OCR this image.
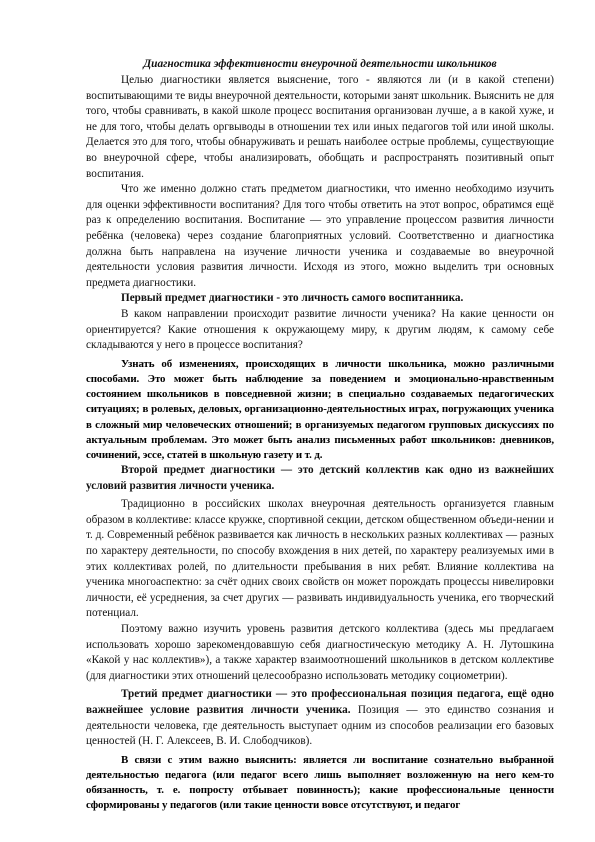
Диагностика эффективности внеурочной деятельности школьников

Целью диагностики является выяснение, того - являются ли (и в какой степени) воспитывающими те виды внеурочной деятельности, которыми занят школьник. Выяснить не для того, чтобы сравнивать, в какой школе процесс воспитания организован лучше, а в какой хуже, и не для того, чтобы делать оргвыводы в отношении тех или иных педагогов той или иной школы. Делается это для того, чтобы обнаруживать и решать наиболее острые проблемы, существующие во внеурочной сфере, чтобы анализировать, обобщать и распространять позитивный опыт воспитания.

Что же именно должно стать предметом диагностики, что именно необходимо изучить для оценки эффективности воспитания? Для того чтобы ответить на этот вопрос, обратимся ещё раз к определению воспитания. Воспитание — это управление процессом развития личности ребёнка (человека) через создание благоприятных условий. Соответственно и диагностика должна быть направлена на изучение личности ученика и создаваемые во внеурочной деятельности условия развития личности. Исходя из этого, можно выделить три основных предмета диагностики.

Первый предмет диагностики - это личность самого воспитанника.

В каком направлении происходит развитие личности ученика? На какие ценности он ориентируется? Какие отношения к окружающему миру, к другим людям, к самому себе складываются у него в процессе воспитания?

Узнать об изменениях, происходящих в личности школьника, можно различными способами. Это может быть наблюдение за поведением и эмоционально-нравственным состоянием школьников в повседневной жизни; в специально создаваемых педагогических ситуациях; в ролевых, деловых, организационно-деятельностных играх, погружающих ученика в сложный мир человеческих отношений; в организуемых педагогом групповых дискуссиях по актуальным проблемам. Это может быть анализ письменных работ школьников: дневников, сочинений, эссе, статей в школьную газету и т. д.

Второй предмет диагностики — это детский коллектив как одно из важнейших условий развития личности ученика.

Традиционно в российских школах внеурочная деятельность организуется главным образом в коллективе: классе кружке, спортивной секции, детском общественном объеди-нении и т. д. Современный ребёнок развивается как личность в нескольких разных коллективах — разных по характеру деятельности, по способу вхождения в них детей, по характеру реализуемых ими в этих коллективах ролей, по длительности пребывания в них ребят. Влияние коллектива на ученика многоаспектно: за счёт одних своих свойств он может порождать процессы нивелировки личности, её усреднения, за счет других — развивать индивидуальность ученика, его творческий потенциал.

Поэтому важно изучить уровень развития детского коллектива (здесь мы предлагаем использовать хорошо зарекомендовавшую себя диагностическую методику А. Н. Лутошкина «Какой у нас коллектив»), а также характер взаимоотношений школьников в детском коллективе (для диагностики этих отношений целесообразно использовать методику социометрии).

Третий предмет диагностики — это профессиональная позиция педагога, ещё одно важнейшее условие развития личности ученика. Позиция — это единство сознания и деятельности человека, где деятельность выступает одним из способов реализации его базовых ценностей (Н. Г. Алексеев, В. И. Слободчиков).

В связи с этим важно выяснить: является ли воспитание сознательно выбранной деятельностью педагога (или педагог всего лишь выполняет возложенную на него кем-то обязанность, т. е. попросту отбывает повинность); какие профессиональные ценности сформированы у педагогов (или такие ценности вовсе отсутствуют, и педагог
